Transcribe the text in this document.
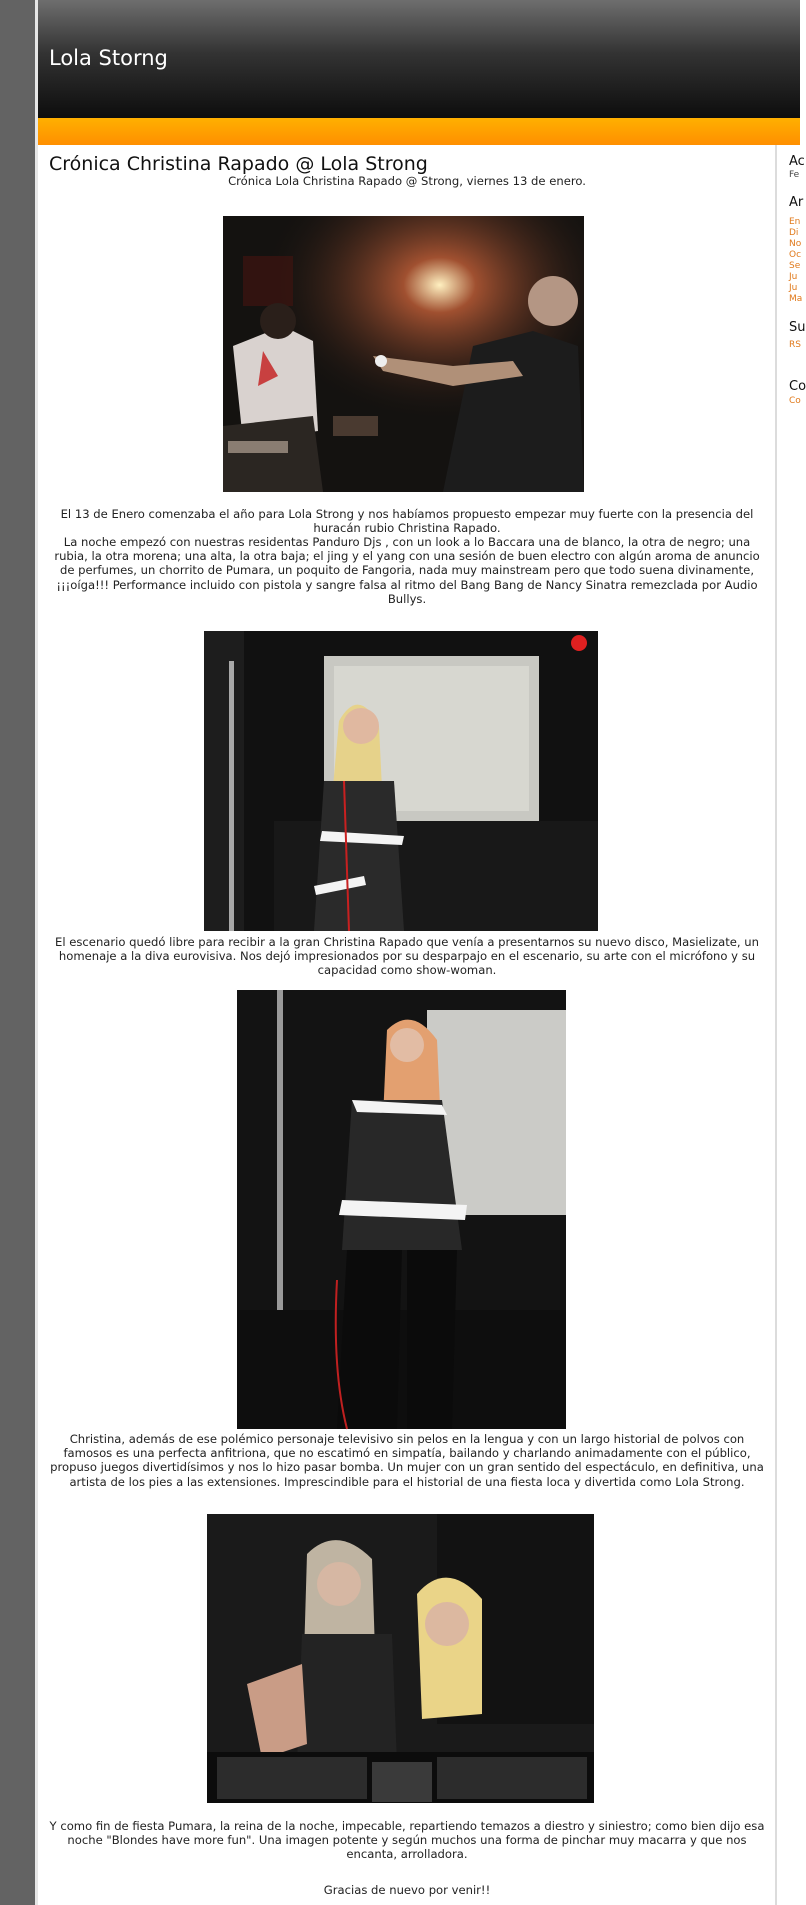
Lola Storng
Crónica Christina Rapado @ Lola Strong
Crónica Lola Christina Rapado @ Strong, viernes 13 de enero.
El 13 de Enero comenzaba el año para Lola Strong y nos habíamos propuesto empezar muy fuerte con la presencia del huracán rubio Christina Rapado.
La noche empezó con nuestras residentas Panduro Djs , con un look a lo Baccara una de blanco, la otra de negro; una rubia, la otra morena; una alta, la otra baja; el jing y el yang con una sesión de buen electro con algún aroma de anuncio de perfumes, un chorrito de Pumara, un poquito de Fangoria, nada muy mainstream pero que todo suena divinamente,¡¡¡oíga!!! Performance incluido con pistola y sangre falsa al ritmo del Bang Bang de Nancy Sinatra remezclada por Audio Bullys.
El escenario quedó libre para recibir a la gran Christina Rapado que venía a presentarnos su nuevo disco, Masielizate, un homenaje a la diva eurovisiva. Nos dejó impresionados por su desparpajo en el escenario, su arte con el micrófono y su capacidad como show-woman.
Christina, además de ese polémico personaje televisivo sin pelos en la lengua y con un largo historial de polvos con famosos es una perfecta anfitriona, que no escatimó en simpatía, bailando y charlando animadamente con el público, propuso juegos divertidísimos y nos lo hizo pasar bomba. Un mujer con un gran sentido del espectáculo, en definitiva, una artista de los pies a las extensiones. Imprescindible para el historial de una fiesta loca y divertida como Lola Strong.
Y como fin de fiesta Pumara, la reina de la noche, impecable, repartiendo temazos a diestro y siniestro; como bien dijo esa noche "Blondes have more fun". Una imagen potente y según muchos una forma de pinchar muy macarra y que nos encanta, arrolladora.
Gracias de nuevo por venir!!
Ac
Fe
Ar
En
Di
No
Oc
Se
Ju
Ju
Ma
Su
RS
Co
Co
